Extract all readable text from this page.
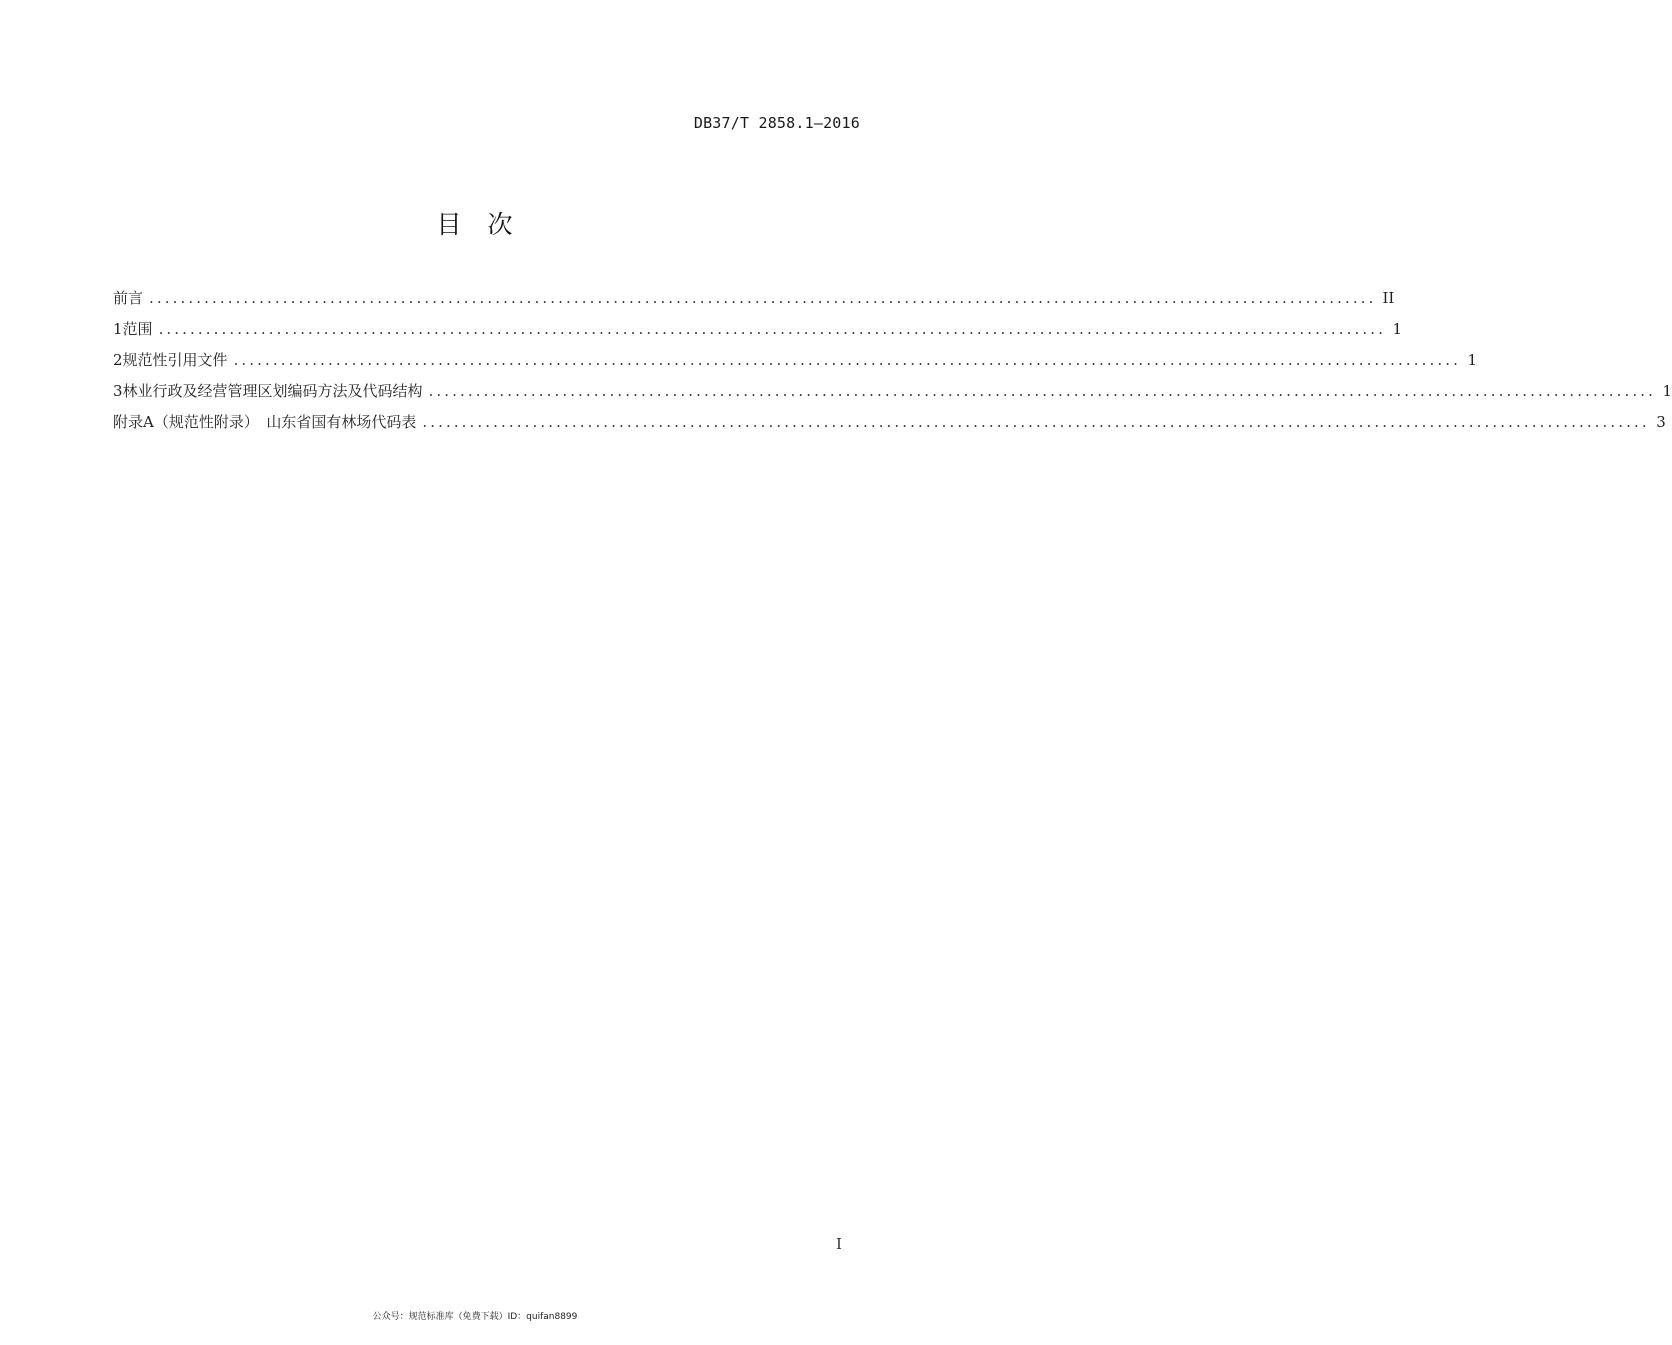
DB37/T 2858.1—2016
目次
前言 ............................................................................................................................................................ II
1 范围 ............................................................................................................................................................ 1
2 规范性引用文件 ............................................................................................................................................................ 1
3 林业行政及经营管理区划编码方法及代码结构 ............................................................................................................................................................ 1
附录A（规范性附录）　山东省国有林场代码表 ............................................................................................................................................................ 3
I
公众号：规范标准库（免费下载）ID：quifan8899
